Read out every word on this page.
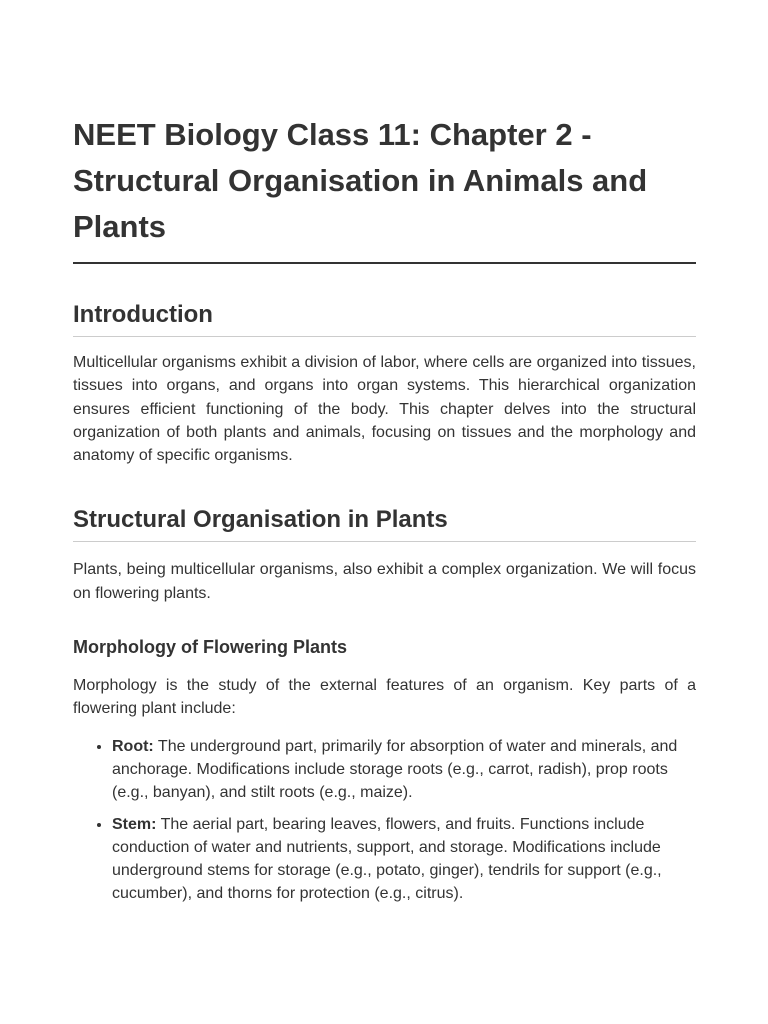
NEET Biology Class 11: Chapter 2 - Structural Organisation in Animals and Plants
Introduction

Multicellular organisms exhibit a division of labor, where cells are organized into tissues, tissues into organs, and organs into organ systems. This hierarchical organization ensures efficient functioning of the body. This chapter delves into the structural organization of both plants and animals, focusing on tissues and the morphology and anatomy of specific organisms.

Structural Organisation in Plants

Plants, being multicellular organisms, also exhibit a complex organization. We will focus on flowering plants.

Morphology of Flowering Plants

Morphology is the study of the external features of an organism. Key parts of a flowering plant include:

• Root: The underground part, primarily for absorption of water and minerals, and anchorage. Modifications include storage roots (e.g., carrot, radish), prop roots (e.g., banyan), and stilt roots (e.g., maize).
• Stem: The aerial part, bearing leaves, flowers, and fruits. Functions include conduction of water and nutrients, support, and storage. Modifications include underground stems for storage (e.g., potato, ginger), tendrils for support (e.g., cucumber), and thorns for protection (e.g., citrus).
